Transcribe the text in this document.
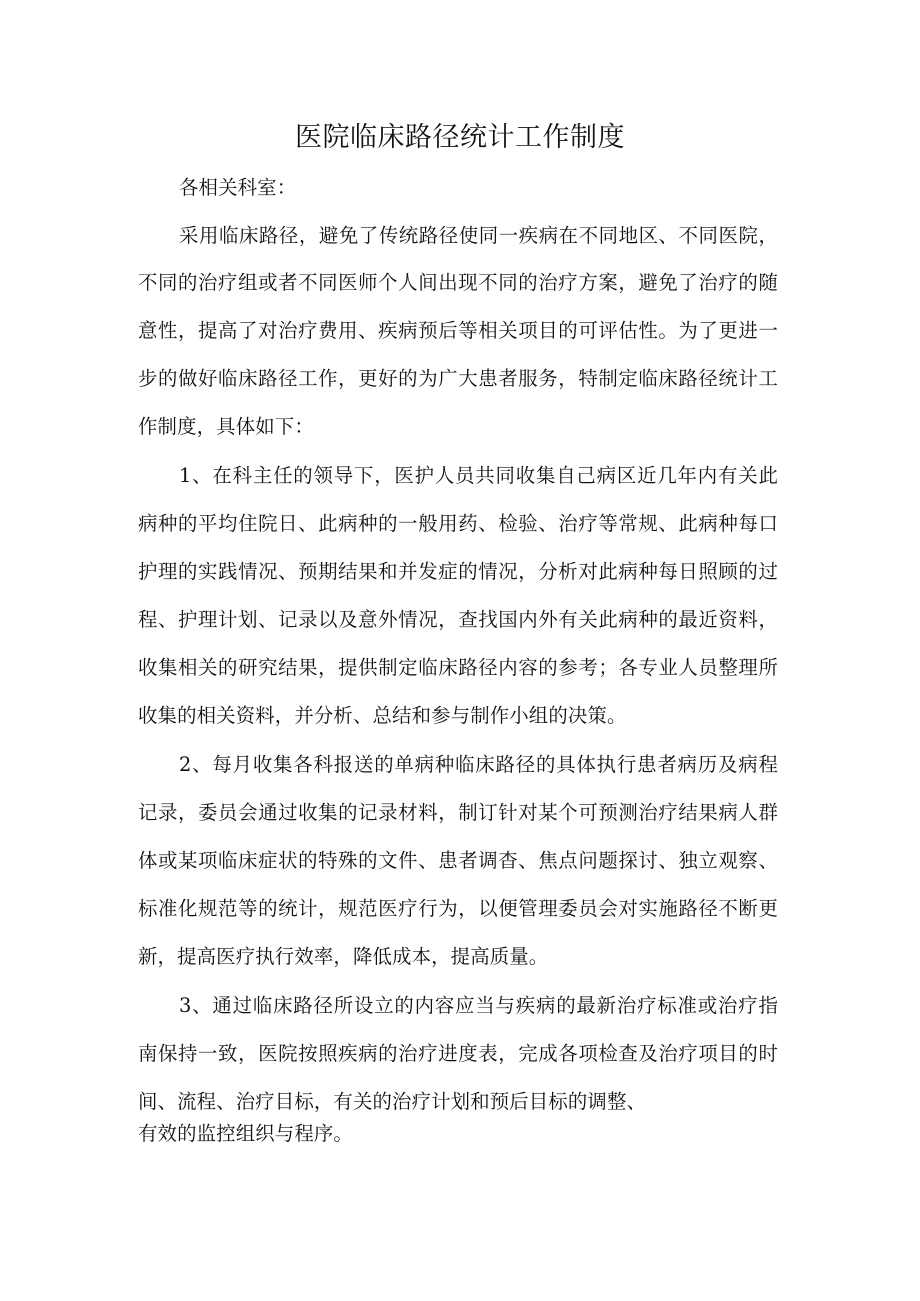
医院临床路径统计工作制度
各相关科室：
采用临床路径，避免了传统路径使同一疾病在不同地区、不同医院，
不同的治疗组或者不同医师个人间出现不同的治疗方案，避免了治疗的随
意性，提高了对治疗费用、疾病预后等相关项目的可评估性。为了更进一
步的做好临床路径工作，更好的为广大患者服务，特制定临床路径统计工
作制度，具体如下：
1、在科主任的领导下，医护人员共同收集自己病区近几年内有关此
病种的平均住院日、此病种的一般用药、检验、治疗等常规、此病种每口
护理的实践情况、预期结果和并发症的情况，分析对此病种每日照顾的过
程、护理计划、记录以及意外情况，查找国内外有关此病种的最近资料，
收集相关的研究结果，提供制定临床路径内容的参考；各专业人员整理所
收集的相关资料，并分析、总结和参与制作小组的决策。
2、每月收集各科报送的单病种临床路径的具体执行患者病历及病程
记录，委员会通过收集的记录材料，制订针对某个可预测治疗结果病人群
体或某项临床症状的特殊的文件、患者调杳、焦点问题探讨、独立观察、
标准化规范等的统计，规范医疗行为，以便管理委员会对实施路径不断更
新，提高医疗执行效率，降低成本，提高质量。
3、通过临床路径所设立的内容应当与疾病的最新治疗标准或治疗指
南保持一致，医院按照疾病的治疗进度表，完成各项检查及治疗项目的时
间、流程、治疗目标，有关的治疗计划和预后目标的调整、
有效的监控组织与程序。
